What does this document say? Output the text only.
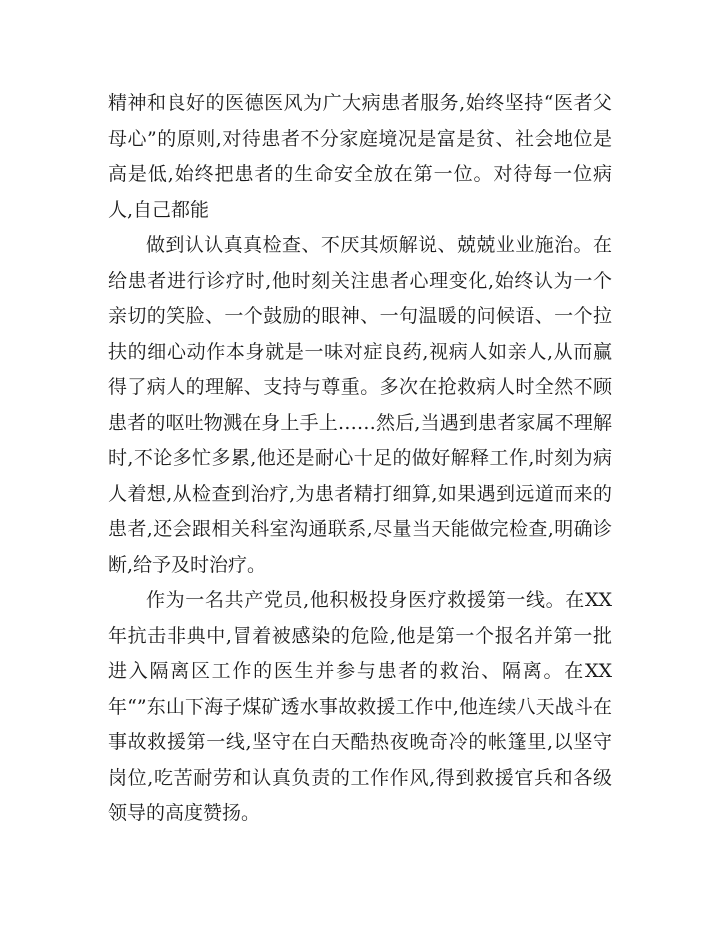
精神和良好的医德医风为广大病患者服务,始终坚持“医者父母心”的原则,对待患者不分家庭境况是富是贫、社会地位是高是低,始终把患者的生命安全放在第一位。对待每一位病人,自己都能

做到认认真真检查、不厌其烦解说、兢兢业业施治。在给患者进行诊疗时,他时刻关注患者心理变化,始终认为一个亲切的笑脸、一个鼓励的眼神、一句温暖的问候语、一个拉扶的细心动作本身就是一味对症良药,视病人如亲人,从而赢得了病人的理解、支持与尊重。多次在抢救病人时全然不顾患者的呕吐物溅在身上手上……然后,当遇到患者家属不理解时,不论多忙多累,他还是耐心十足的做好解释工作,时刻为病人着想,从检查到治疗,为患者精打细算,如果遇到远道而来的患者,还会跟相关科室沟通联系,尽量当天能做完检查,明确诊断,给予及时治疗。

作为一名共产党员,他积极投身医疗救援第一线。在XX年抗击非典中,冒着被感染的危险,他是第一个报名并第一批进入隔离区工作的医生并参与患者的救治、隔离。在XX年“”东山下海子煤矿透水事故救援工作中,他连续八天战斗在事故救援第一线,坚守在白天酷热夜晚奇冷的帐篷里,以坚守岗位,吃苦耐劳和认真负责的工作作风,得到救援官兵和各级领导的高度赞扬。
